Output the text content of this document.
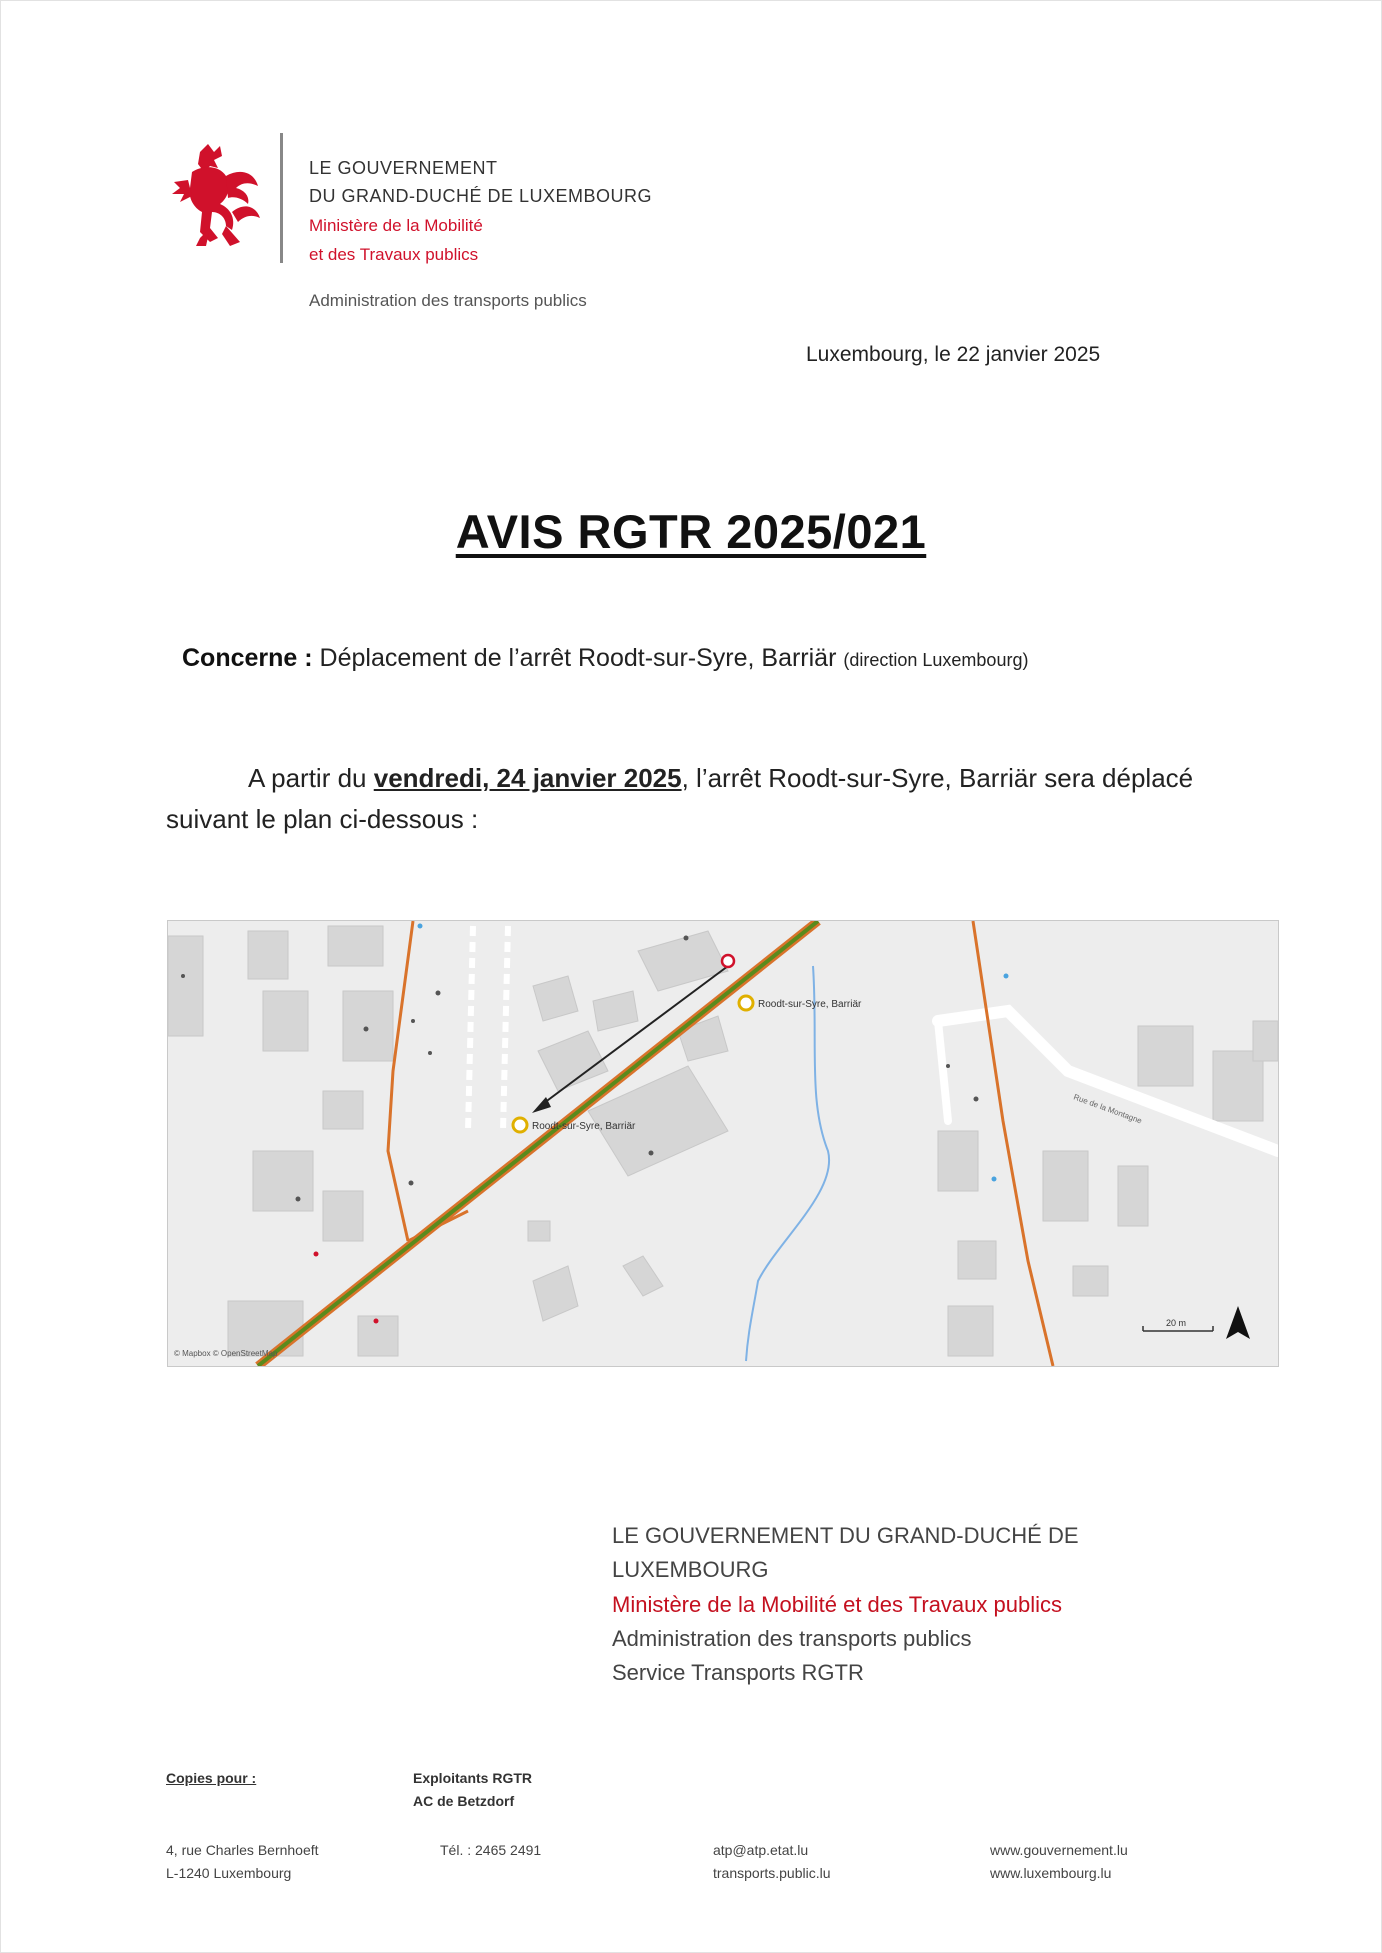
LE GOUVERNEMENT
DU GRAND-DUCHÉ DE LUXEMBOURG
Ministère de la Mobilité
et des Travaux publics
Administration des transports publics
Luxembourg, le 22 janvier 2025
AVIS RGTR 2025/021
Concerne : Déplacement de l’arrêt Roodt-sur-Syre, Barriär (direction Luxembourg)
A partir du vendredi, 24 janvier 2025, l’arrêt Roodt-sur-Syre, Barriär sera déplacé suivant le plan ci-dessous :
Rue de la Montagne
Roodt-sur-Syre, Barriär
Roodt-sur-Syre, Barriär
20 m
© Mapbox © OpenStreetMap
LE GOUVERNEMENT DU GRAND-DUCHÉ DE
LUXEMBOURG
Ministère de la Mobilité et des Travaux publics
Administration des transports publics
Service Transports RGTR
Copies pour :	Exploitants RGTR
AC de Betzdorf
4, rue Charles Bernhoeft
L-1240 Luxembourg
Tél. : 2465 2491	atp@atp.etat.lu
transports.public.lu
www.gouvernement.lu
www.luxembourg.lu
